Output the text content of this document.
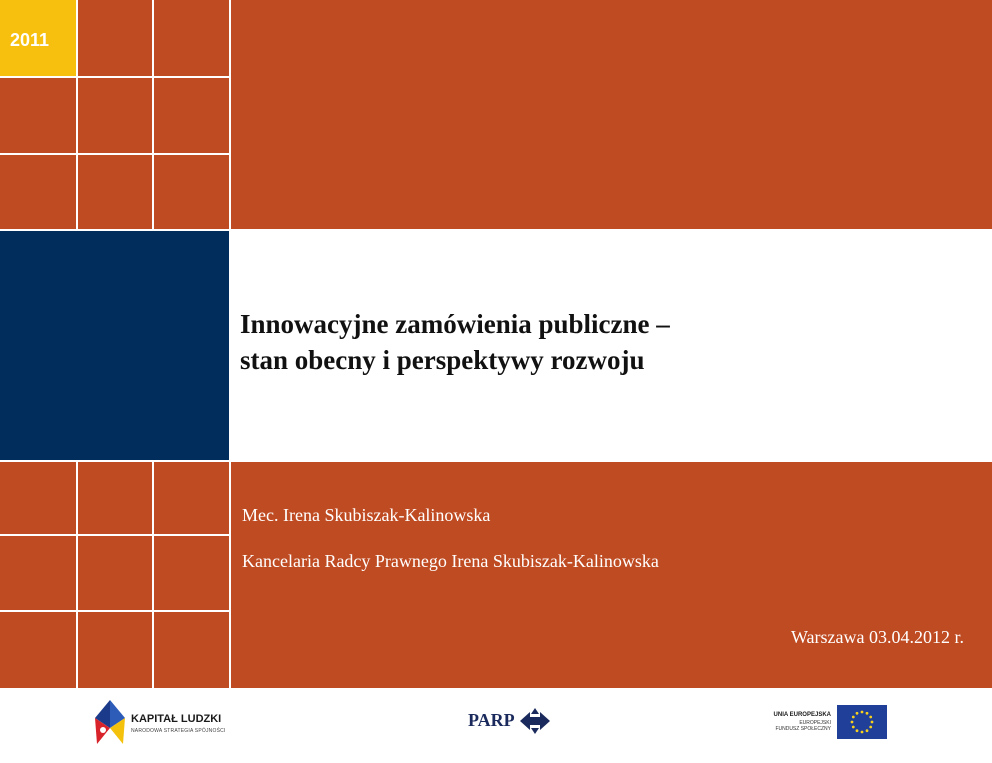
2011
Innowacyjne zamówienia publiczne –
stan obecny i perspektywy rozwoju
Mec. Irena Skubiszak-Kalinowska
Kancelaria Radcy Prawnego Irena Skubiszak-Kalinowska
Warszawa 03.04.2012 r.
KAPITAŁ LUDZKI
NARODOWA STRATEGIA SPÓJNOŚCI
PARP	UNIA EUROPEJSKA
EUROPEJSKI
FUNDUSZ SPOŁECZNY
